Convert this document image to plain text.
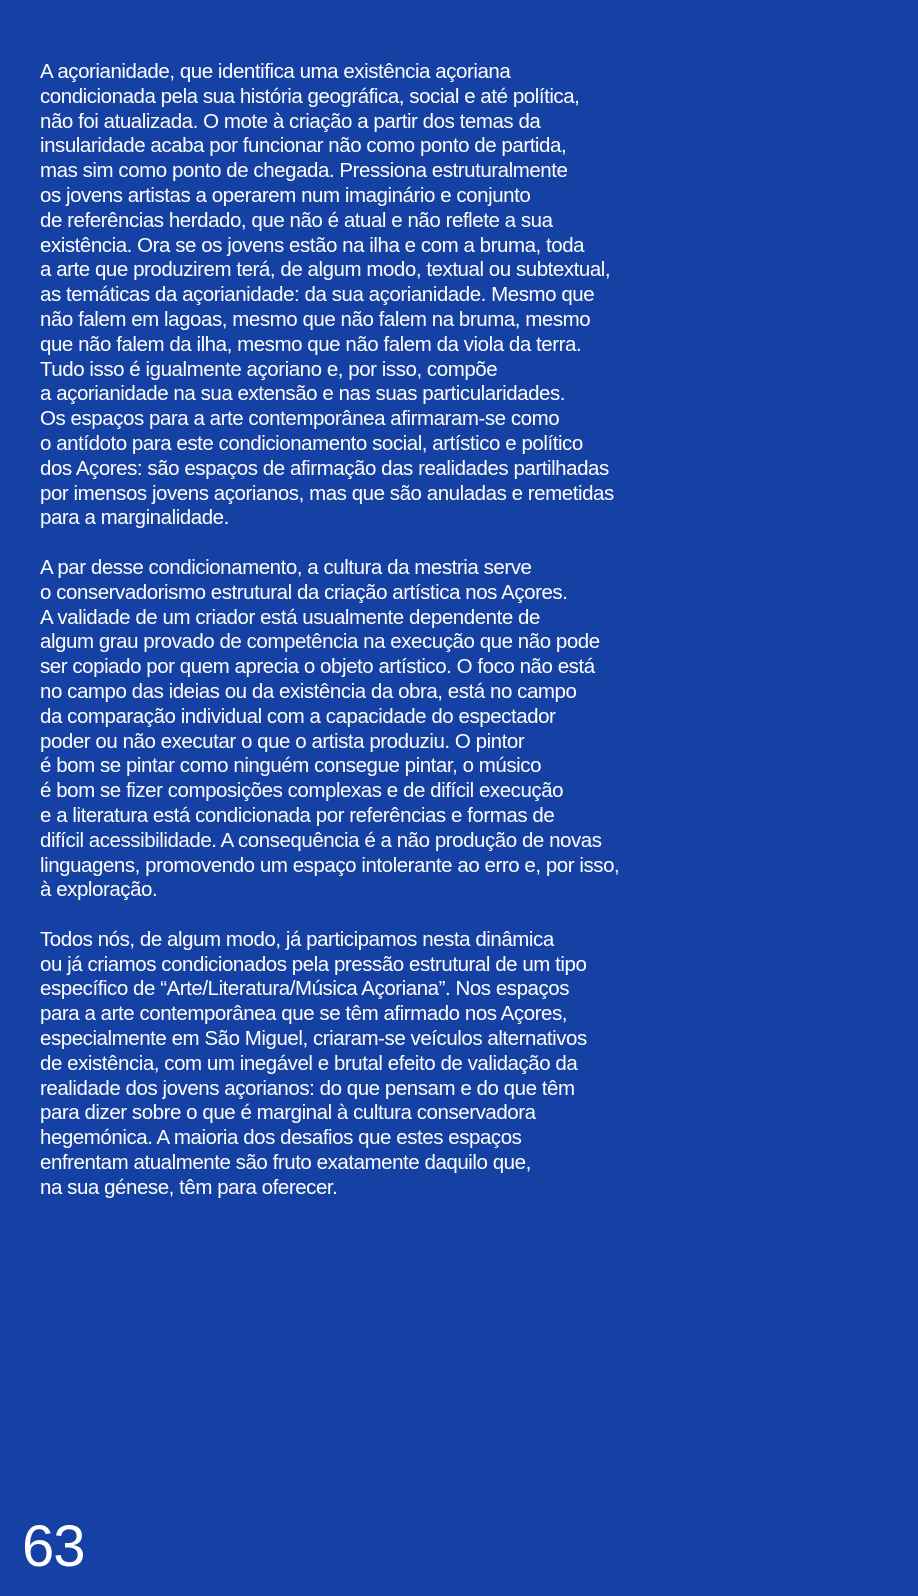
A açorianidade, que identifica uma existência açoriana
condicionada pela sua história geográfica, social e até política,
não foi atualizada. O mote à criação a partir dos temas da
insularidade acaba por funcionar não como ponto de partida,
mas sim como ponto de chegada. Pressiona estruturalmente
os jovens artistas a operarem num imaginário e conjunto
de referências herdado, que não é atual e não reflete a sua
existência. Ora se os jovens estão na ilha e com a bruma, toda
a arte que produzirem terá, de algum modo, textual ou subtextual,
as temáticas da açorianidade: da sua açorianidade. Mesmo que
não falem em lagoas, mesmo que não falem na bruma, mesmo
que não falem da ilha, mesmo que não falem da viola da terra.
Tudo isso é igualmente açoriano e, por isso, compõe
a açorianidade na sua extensão e nas suas particularidades.
Os espaços para a arte contemporânea afirmaram-se como
o antídoto para este condicionamento social, artístico e político
dos Açores: são espaços de afirmação das realidades partilhadas
por imensos jovens açorianos, mas que são anuladas e remetidas
para a marginalidade.

A par desse condicionamento, a cultura da mestria serve
o conservadorismo estrutural da criação artística nos Açores.
A validade de um criador está usualmente dependente de
algum grau provado de competência na execução que não pode
ser copiado por quem aprecia o objeto artístico. O foco não está
no campo das ideias ou da existência da obra, está no campo
da comparação individual com a capacidade do espectador
poder ou não executar o que o artista produziu. O pintor
é bom se pintar como ninguém consegue pintar, o músico
é bom se fizer composições complexas e de difícil execução
e a literatura está condicionada por referências e formas de
difícil acessibilidade. A consequência é a não produção de novas
linguagens, promovendo um espaço intolerante ao erro e, por isso,
à exploração.

Todos nós, de algum modo, já participamos nesta dinâmica
ou já criamos condicionados pela pressão estrutural de um tipo
específico de “Arte/Literatura/Música Açoriana”. Nos espaços
para a arte contemporânea que se têm afirmado nos Açores,
especialmente em São Miguel, criaram-se veículos alternativos
de existência, com um inegável e brutal efeito de validação da
realidade dos jovens açorianos: do que pensam e do que têm
para dizer sobre o que é marginal à cultura conservadora
hegemónica. A maioria dos desafios que estes espaços
enfrentam atualmente são fruto exatamente daquilo que,
na sua génese, têm para oferecer.

63
